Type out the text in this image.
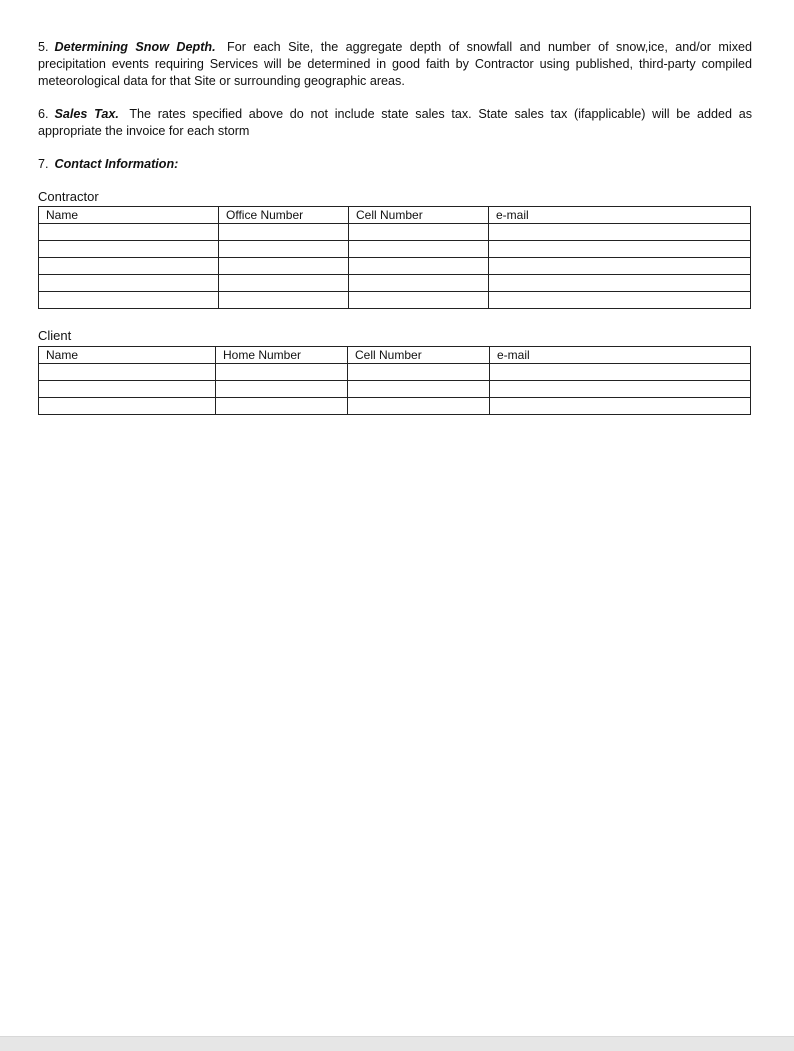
5. Determining Snow Depth. For each Site, the aggregate depth of snowfall and number of snow,ice, and/or mixed precipitation events requiring Services will be determined in good faith by Contractor using published, third-party compiled meteorological data for that Site or surrounding geographic areas.

6. Sales Tax. The rates specified above do not include state sales tax. State sales tax (ifapplicable) will be added as appropriate the invoice for each storm

7. Contact Information:

Contractor
Name	Office Number	Cell Number	e-mail

Client
Name	Home Number	Cell Number	e-mail
